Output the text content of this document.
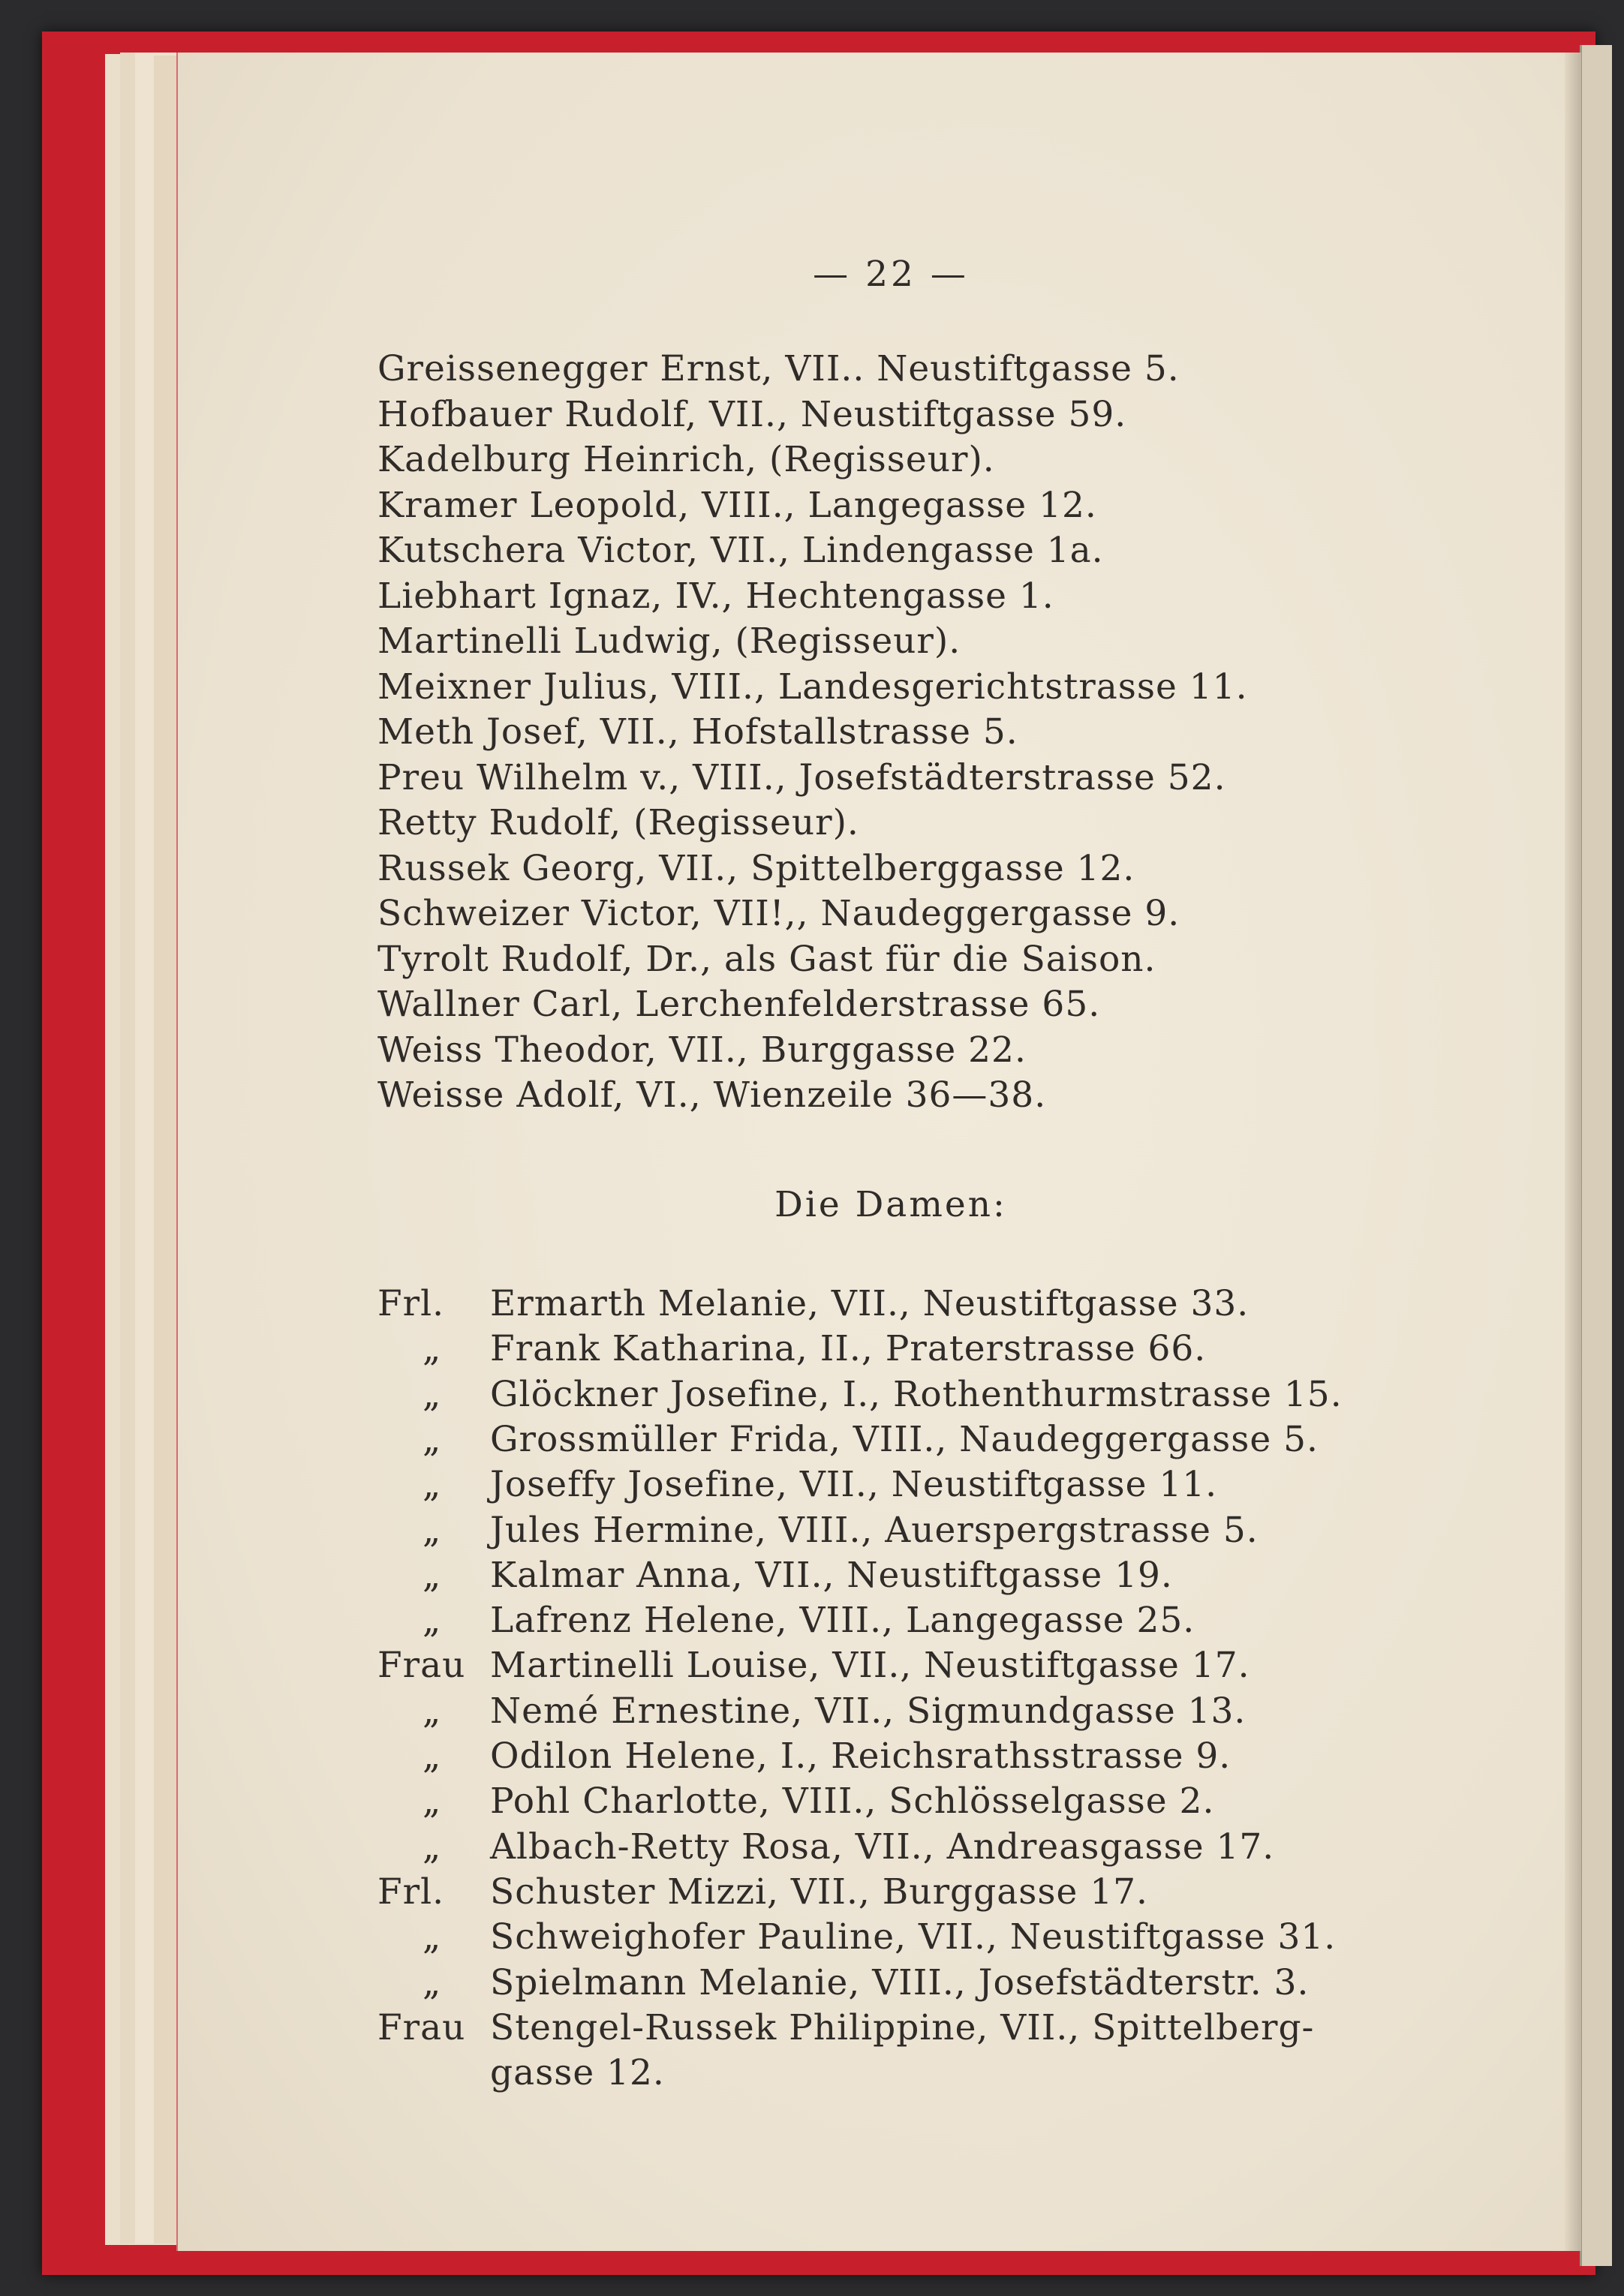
— 22 —
Greissenegger Ernst, VII.. Neustiftgasse 5.
Hofbauer Rudolf, VII., Neustiftgasse 59.
Kadelburg Heinrich, (Regisseur).
Kramer Leopold, VIII., Langegasse 12.
Kutschera Victor, VII., Lindengasse 1a.
Liebhart Ignaz, IV., Hechtengasse 1.
Martinelli Ludwig, (Regisseur).
Meixner Julius, VIII., Landesgerichtstrasse 11.
Meth Josef, VII., Hofstallstrasse 5.
Preu Wilhelm v., VIII., Josefstädterstrasse 52.
Retty Rudolf, (Regisseur).
Russek Georg, VII., Spittelberggasse 12.
Schweizer Victor, VII!,, Naudeggergasse 9.
Tyrolt Rudolf, Dr., als Gast für die Saison.
Wallner Carl, Lerchenfelderstrasse 65.
Weiss Theodor, VII., Burggasse 22.
Weisse Adolf, VI., Wienzeile 36—38.
Die Damen:
Frl.	Ermarth Melanie, VII., Neustiftgasse 33.
„	Frank Katharina, II., Praterstrasse 66.
„	Glöckner Josefine, I., Rothenthurmstrasse 15.
„	Grossmüller Frida, VIII., Naudeggergasse 5.
„	Joseffy Josefine, VII., Neustiftgasse 11.
„	Jules Hermine, VIII., Auerspergstrasse 5.
„	Kalmar Anna, VII., Neustiftgasse 19.
„	Lafrenz Helene, VIII., Langegasse 25.
Frau Martinelli Louise, VII., Neustiftgasse 17.
„	Nemé Ernestine, VII., Sigmundgasse 13.
„	Odilon Helene, I., Reichsrathsstrasse 9.
„	Pohl Charlotte, VIII., Schlösselgasse 2.
„	Albach-Retty Rosa, VII., Andreasgasse 17.
Frl.	Schuster Mizzi, VII., Burggasse 17.
„	Schweighofer Pauline, VII., Neustiftgasse 31.
„	Spielmann Melanie, VIII., Josefstädterstr. 3.
Frau Stengel-Russek Philippine, VII., Spittelberg-
gasse 12.
